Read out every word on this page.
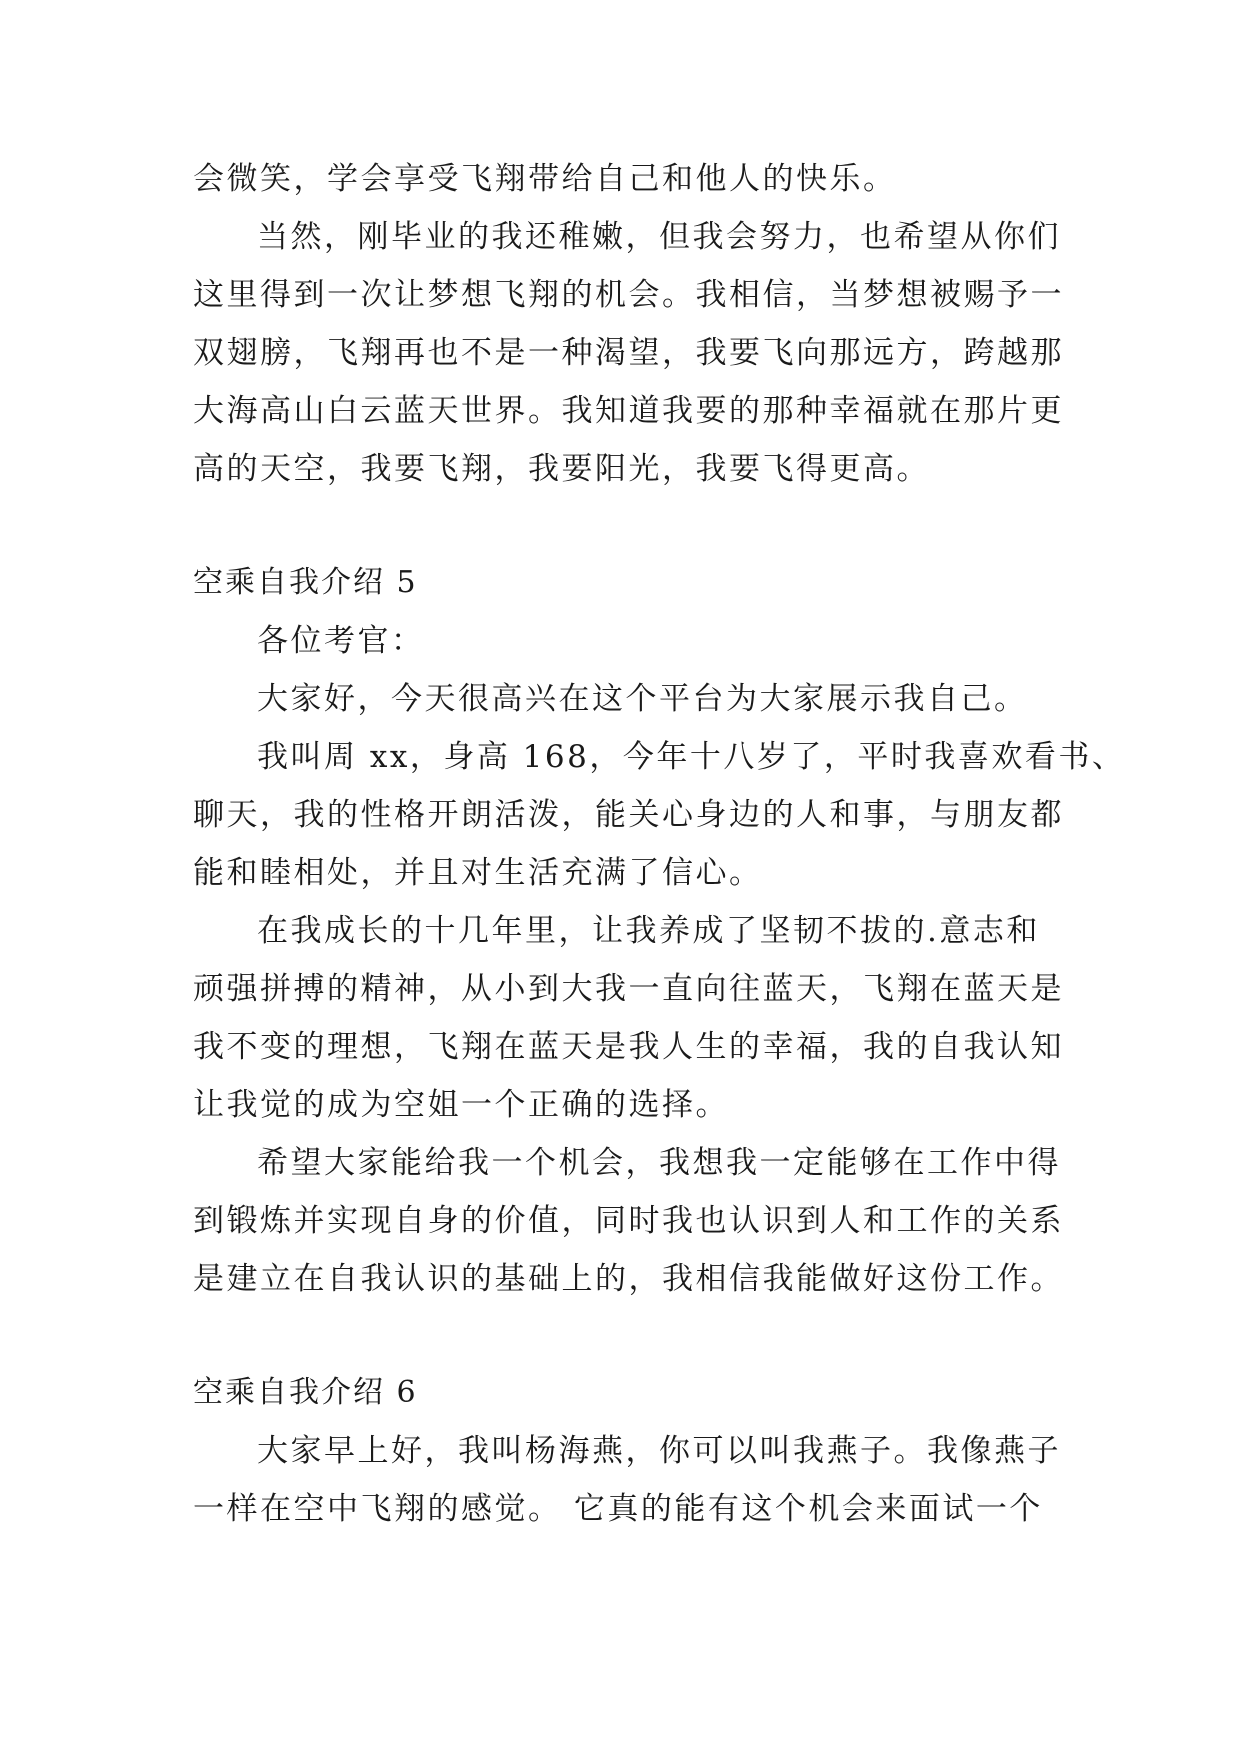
会微笑，学会享受飞翔带给自己和他人的快乐。
当然，刚毕业的我还稚嫩，但我会努力，也希望从你们
这里得到一次让梦想飞翔的机会。我相信，当梦想被赐予一
双翅膀，飞翔再也不是一种渴望，我要飞向那远方，跨越那
大海高山白云蓝天世界。我知道我要的那种幸福就在那片更
高的天空，我要飞翔，我要阳光，我要飞得更高。
空乘自我介绍 5
各位考官：
大家好，今天很高兴在这个平台为大家展示我自己。
我叫周 xx，身高 168，今年十八岁了，平时我喜欢看书、
聊天，我的性格开朗活泼，能关心身边的人和事，与朋友都
能和睦相处，并且对生活充满了信心。
在我成长的十几年里，让我养成了坚韧不拔的.意志和
顽强拼搏的精神，从小到大我一直向往蓝天，飞翔在蓝天是
我不变的理想，飞翔在蓝天是我人生的幸福，我的自我认知
让我觉的成为空姐一个正确的选择。
希望大家能给我一个机会，我想我一定能够在工作中得
到锻炼并实现自身的价值，同时我也认识到人和工作的关系
是建立在自我认识的基础上的，我相信我能做好这份工作。
空乘自我介绍 6
大家早上好，我叫杨海燕，你可以叫我燕子。我像燕子
一样在空中飞翔的感觉。 它真的能有这个机会来面试一个
